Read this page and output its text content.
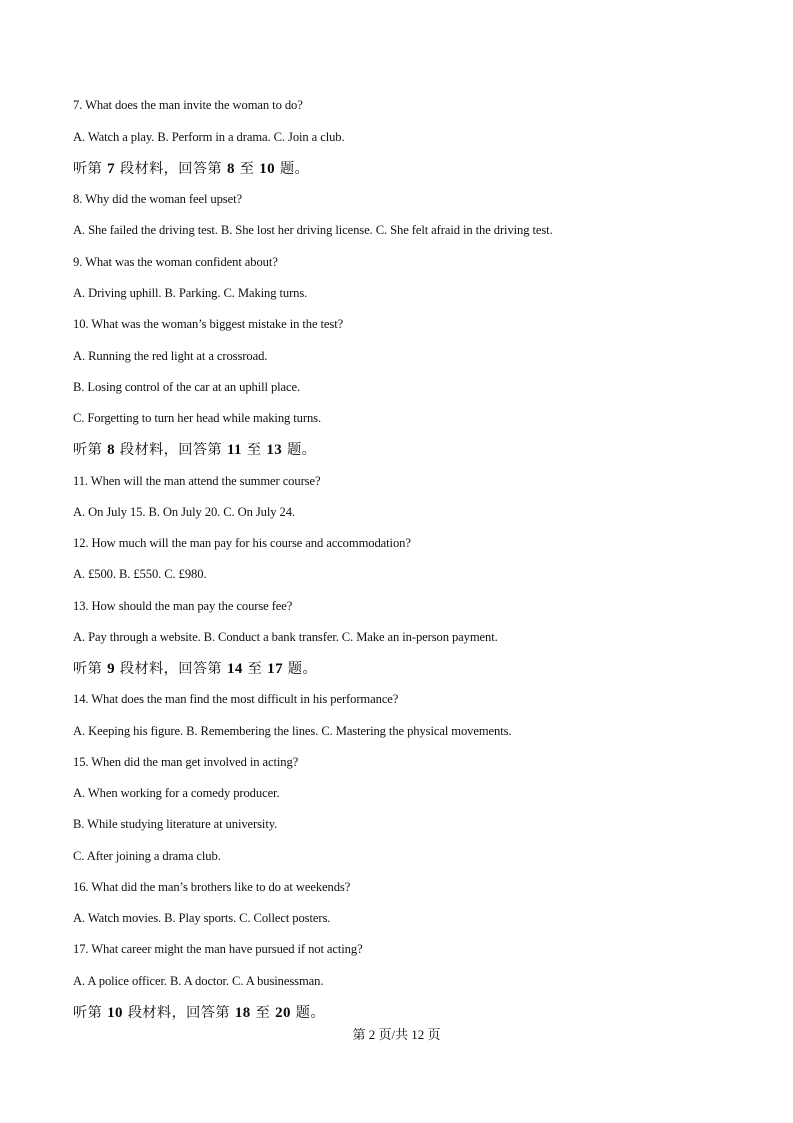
7. What does the man invite the woman to do?
A. Watch a play. B. Perform in a drama. C. Join a club.
听第 7 段材料，回答第 8 至 10 题。
8. Why did the woman feel upset?
A. She failed the driving test. B. She lost her driving license. C. She felt afraid in the driving test.
9. What was the woman confident about?
A. Driving uphill. B. Parking. C. Making turns.
10. What was the woman’s biggest mistake in the test?
A. Running the red light at a crossroad.
B. Losing control of the car at an uphill place.
C. Forgetting to turn her head while making turns.
听第 8 段材料，回答第 11 至 13 题。
11. When will the man attend the summer course?
A. On July 15. B. On July 20. C. On July 24.
12. How much will the man pay for his course and accommodation?
A. £500. B. £550. C. £980.
13. How should the man pay the course fee?
A. Pay through a website. B. Conduct a bank transfer. C. Make an in-person payment.
听第 9 段材料，回答第 14 至 17 题。
14. What does the man find the most difficult in his performance?
A. Keeping his figure. B. Remembering the lines. C. Mastering the physical movements.
15. When did the man get involved in acting?
A. When working for a comedy producer.
B. While studying literature at university.
C. After joining a drama club.
16. What did the man’s brothers like to do at weekends?
A. Watch movies. B. Play sports. C. Collect posters.
17. What career might the man have pursued if not acting?
A. A police officer. B. A doctor. C. A businessman.
听第 10 段材料，回答第 18 至 20 题。
第 2 页/共 12 页
